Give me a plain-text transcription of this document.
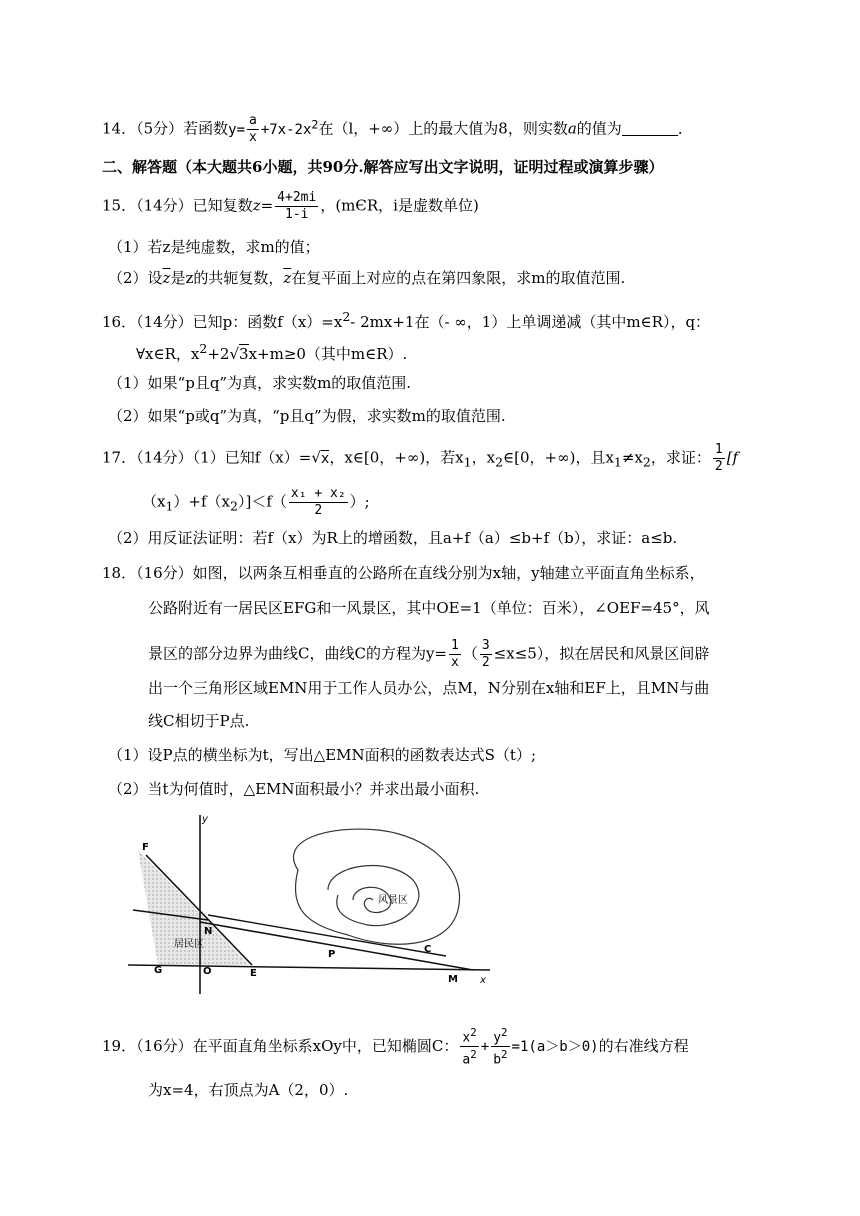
14．（5分）若函数$y= \frac{a}{x} +7x-2x^2$在（l，+∞）上的最大值为8，则实数a的值为	．
二、解答题（本大题共6小题，共90分.解答应写出文字说明，证明过程或演算步骤）
15．（14分）已知复数$z= \frac{4+2mi}{1-i}$ ，(mЄR，i是虚数单位)
（1）若z是纯虚数，求m的值；
（2）设$\overline{z}$是z的共轭复数，$\overline{z}$在复平面上对应的点在第四象限，求m的取值范围.
16．（14分）已知p：函数$f(x)=x^2-$ 2mx+1在（- ∞，1）上单调递减（其中m∈R），q：
∀x∈R，$x^2+2√3x+m\ge 0$（其中m∈R）.
（1）如果“p且q”为真，求实数m的取值范围.
（2）如果“p或q”为真，“p且q”为假，求实数m的取值范围.
17．（14分）（1）已知f（x）=√x，x∈[0，+∞)，若$x_1$，$x_2\in[0$，+∞)，且$x_1\ne x_2$，求证： $\frac{1}{2} [f$
$(x_1)+f(x_2)]<f( \frac{\text{x₁ + x₂}}{2}$ ）;
（2）用反证法证明：若f（x）为R上的增函数，且a+f（a）≤b+f（b），求证：a≤b.
18．（16分）如图，以两条互相垂直的公路所在直线分别为x轴，y轴建立平面直角坐标系，
公路附近有一居民区EFG和一风景区，其中OE=1（单位：百米），∠OEF=45°，风
景区的部分边界为曲线C，曲线C的方程为$y= \frac{1}{x}$ （ $\frac{3}{2} \le x\le 5$），拟在居民和风景区间辟
出一个三角形区域EMN用于工作人员办公，点M，N分别在x轴和EF上，且MN与曲
线C相切于P点.
（1）设P点的横坐标为t，写出△EMN面积的函数表达式S（t）;
（2）当t为何值时，△EMN面积最小？并求出最小面积.
y
x
F
N
居民区
G	O	E
P	C
M
风景区
19．（16分）在平面直角坐标系xOy中，已知椭圆C： $\frac{x^2}{a^2} + \frac{y^2}{b^2} =1(a>b>0)$的右准线方程
为x=4，右顶点为A（2，0）.
